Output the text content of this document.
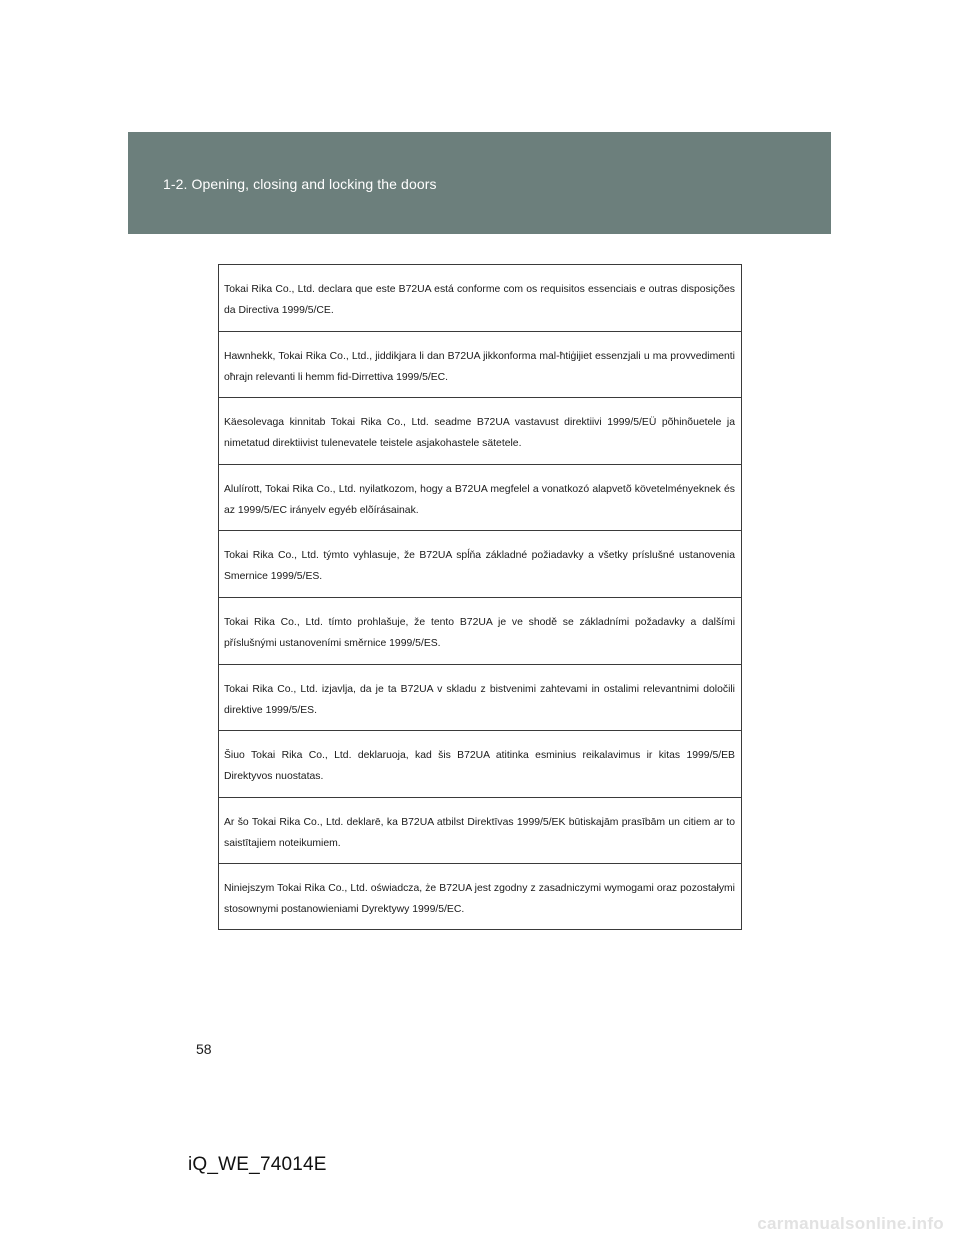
1-2. Opening, closing and locking the doors
Tokai Rika Co., Ltd. declara que este B72UA está conforme com os requisitos essenciais e outras disposições da Directiva 1999/5/CE.
Hawnhekk, Tokai Rika Co., Ltd., jiddikjara li dan B72UA jikkonforma mal-ħtiġijiet essenzjali u ma provvedimenti oħrajn relevanti li hemm fid-Dirrettiva 1999/5/EC.
Käesolevaga kinnitab Tokai Rika Co., Ltd. seadme B72UA vastavust direktiivi 1999/5/EÜ põhinõuetele ja nimetatud direktiivist tulenevatele teistele asjakohastele sätetele.
Alulírott, Tokai Rika Co., Ltd. nyilatkozom, hogy a B72UA megfelel a vonatkozó alapvetõ követelményeknek és az 1999/5/EC irányelv egyéb elõírásainak.
Tokai Rika Co., Ltd. týmto vyhlasuje, že B72UA spĺňa základné požiadavky a všetky príslušné ustanovenia Smernice 1999/5/ES.
Tokai Rika Co., Ltd. tímto prohlašuje, že tento B72UA je ve shodě se základními požadavky a dalšími příslušnými ustanoveními směrnice 1999/5/ES.
Tokai Rika Co., Ltd. izjavlja, da je ta B72UA v skladu z bistvenimi zahtevami in ostalimi relevantnimi določili direktive 1999/5/ES.
Šiuo Tokai Rika Co., Ltd. deklaruoja, kad šis B72UA atitinka esminius reikalavimus ir kitas 1999/5/EB Direktyvos nuostatas.
Ar šo Tokai Rika Co., Ltd. deklarē, ka B72UA atbilst Direktīvas 1999/5/EK būtiskajām prasībām un citiem ar to saistītajiem noteikumiem.
Niniejszym Tokai Rika Co., Ltd. oświadcza, że B72UA jest zgodny z zasadniczymi wymogami oraz pozostałymi stosownymi postanowieniami Dyrektywy 1999/5/EC.
58
iQ_WE_74014E
carmanualsonline.info
